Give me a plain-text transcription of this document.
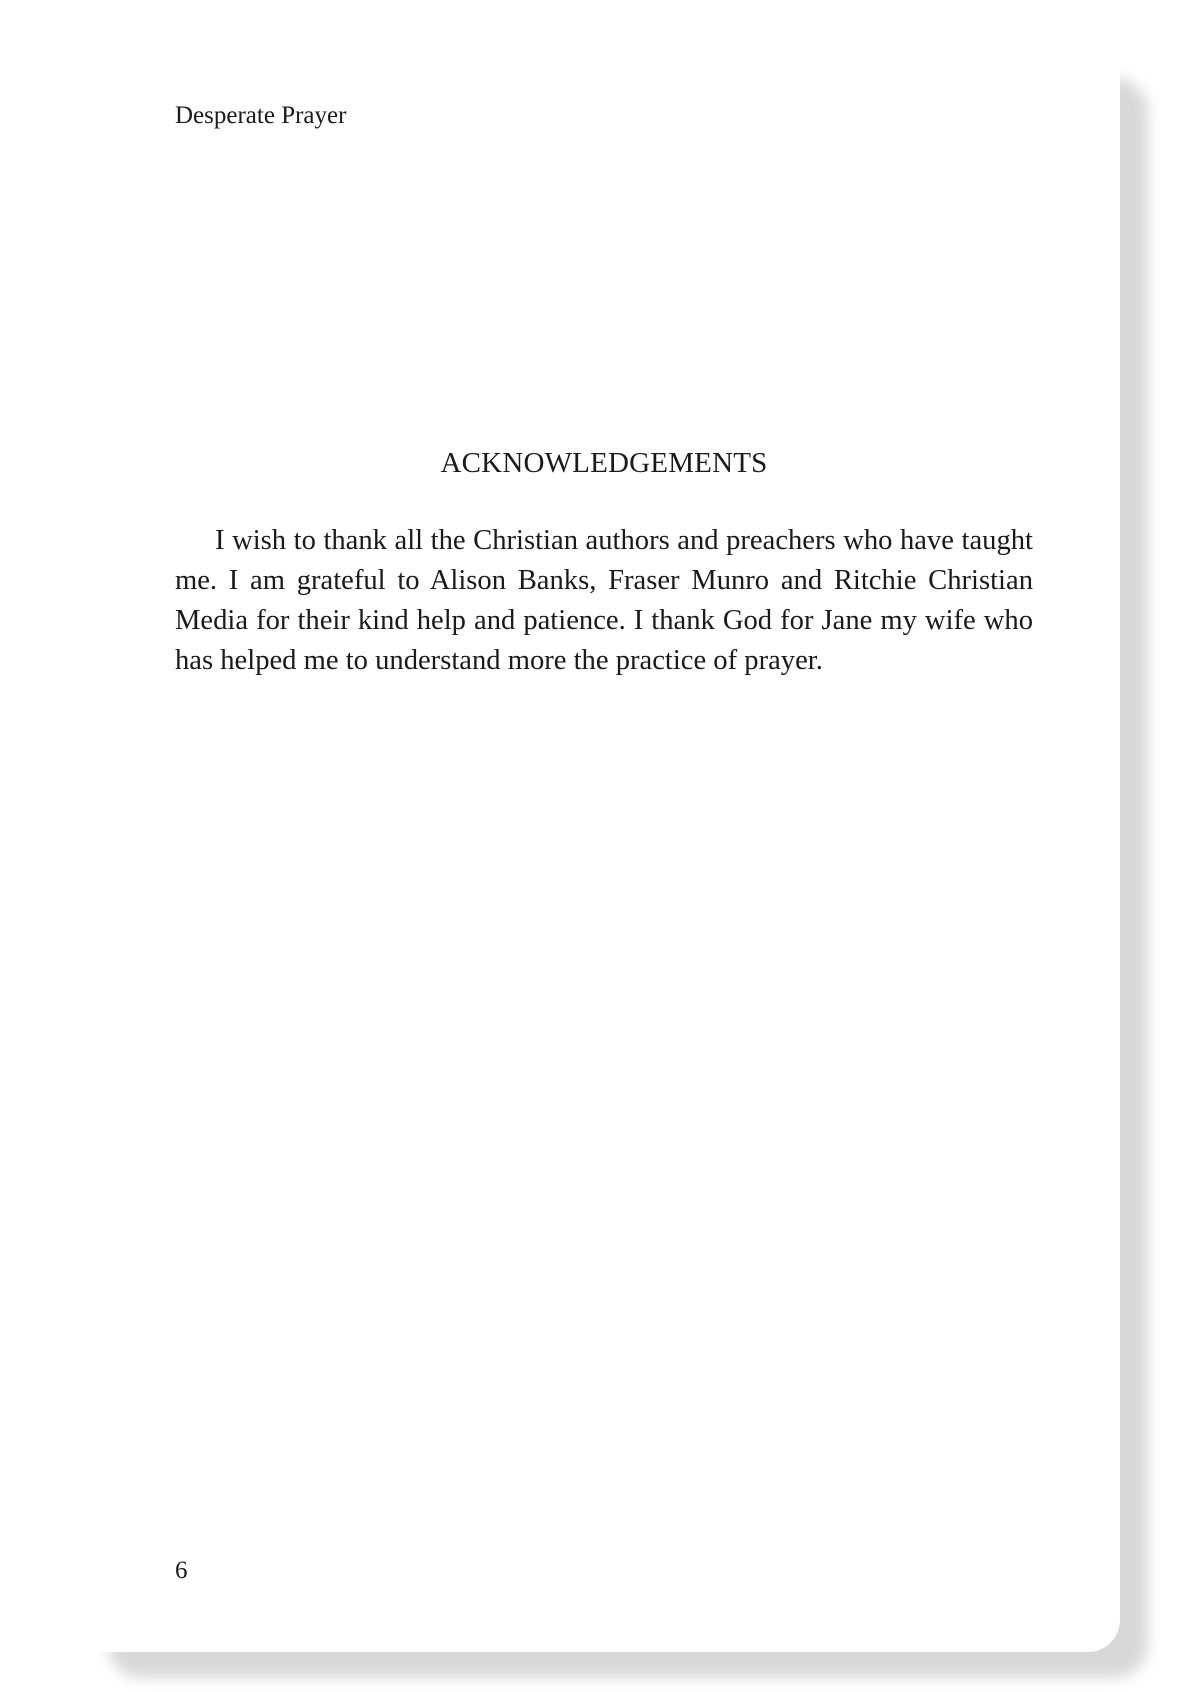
Desperate Prayer
ACKNOWLEDGEMENTS

I wish to thank all the Christian authors and preachers who have taught me. I am grateful to Alison Banks, Fraser Munro and Ritchie Christian Media for their kind help and patience. I thank God for Jane my wife who has helped me to understand more the practice of prayer.

6
